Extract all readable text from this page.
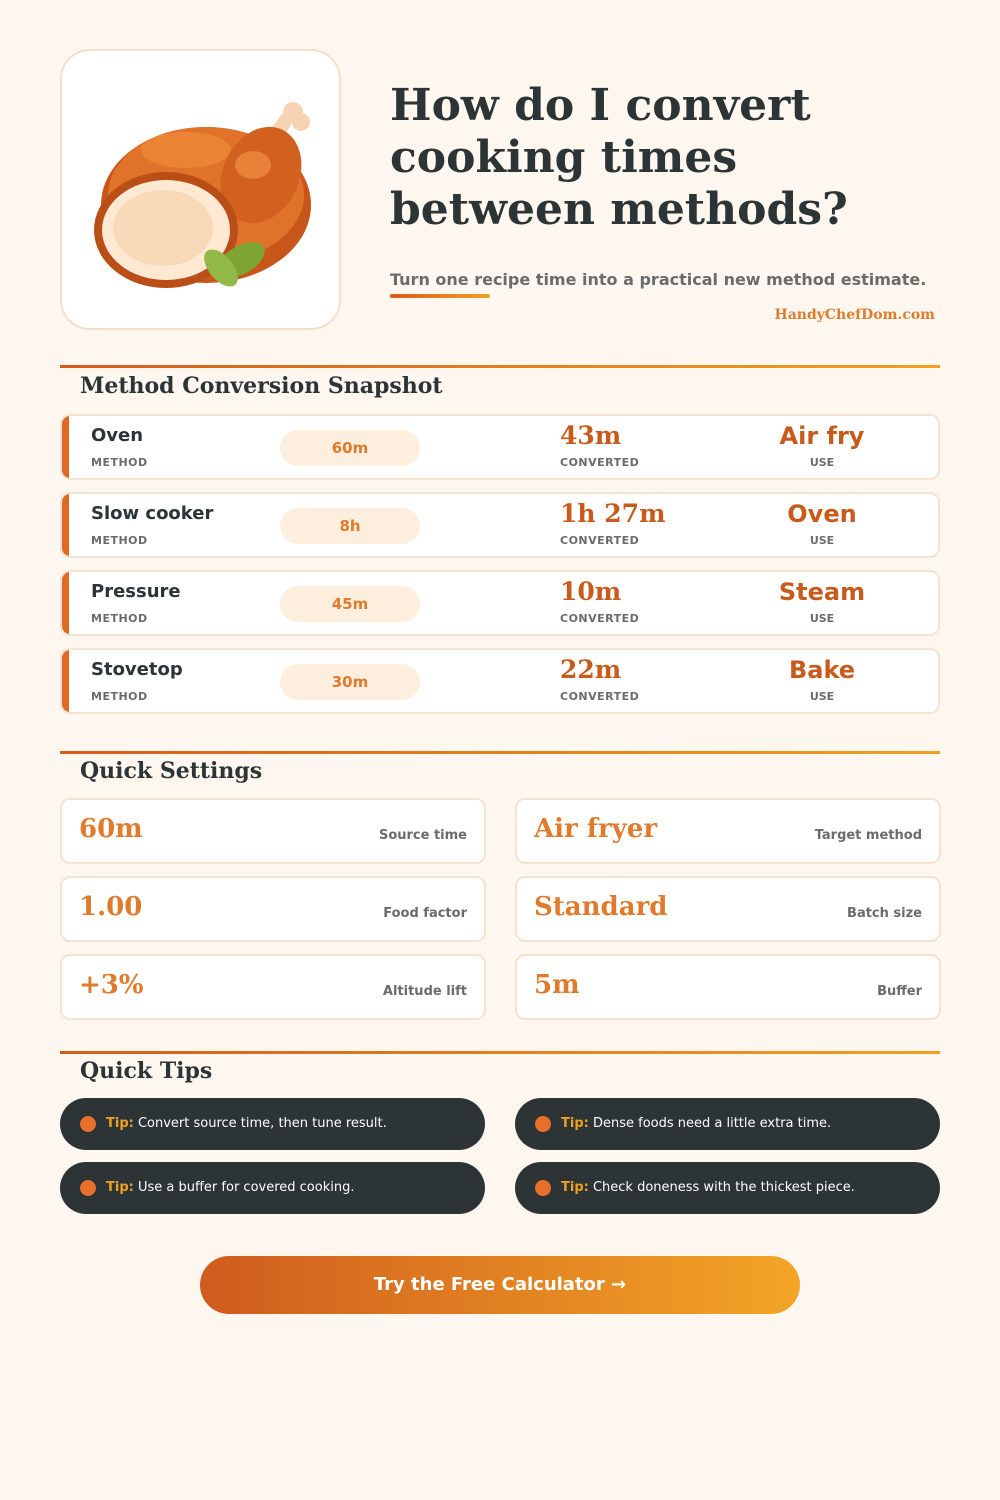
How do I convert cooking times between methods?
Turn one recipe time into a practical new method estimate.
HandyChefDom.com
Method Conversion Snapshot
Oven
METHOD
60m	43m
CONVERTED
Air fry
USE
Slow cooker
METHOD
8h	1h 27m
CONVERTED
Oven
USE
Pressure
METHOD
45m	10m
CONVERTED
Steam
USE
Stovetop
METHOD
30m	22m
CONVERTED
Bake
USE
Quick Settings
60m	Source time	Air fryer	Target method
1.00	Food factor	Standard	Batch size
+3%	Altitude lift	5m	Buffer
Quick Tips
Tip: Convert source time, then tune result.	Tip: Dense foods need a little extra time.
Tip: Use a buffer for covered cooking.	Tip: Check doneness with the thickest piece.
Try the Free Calculator →
